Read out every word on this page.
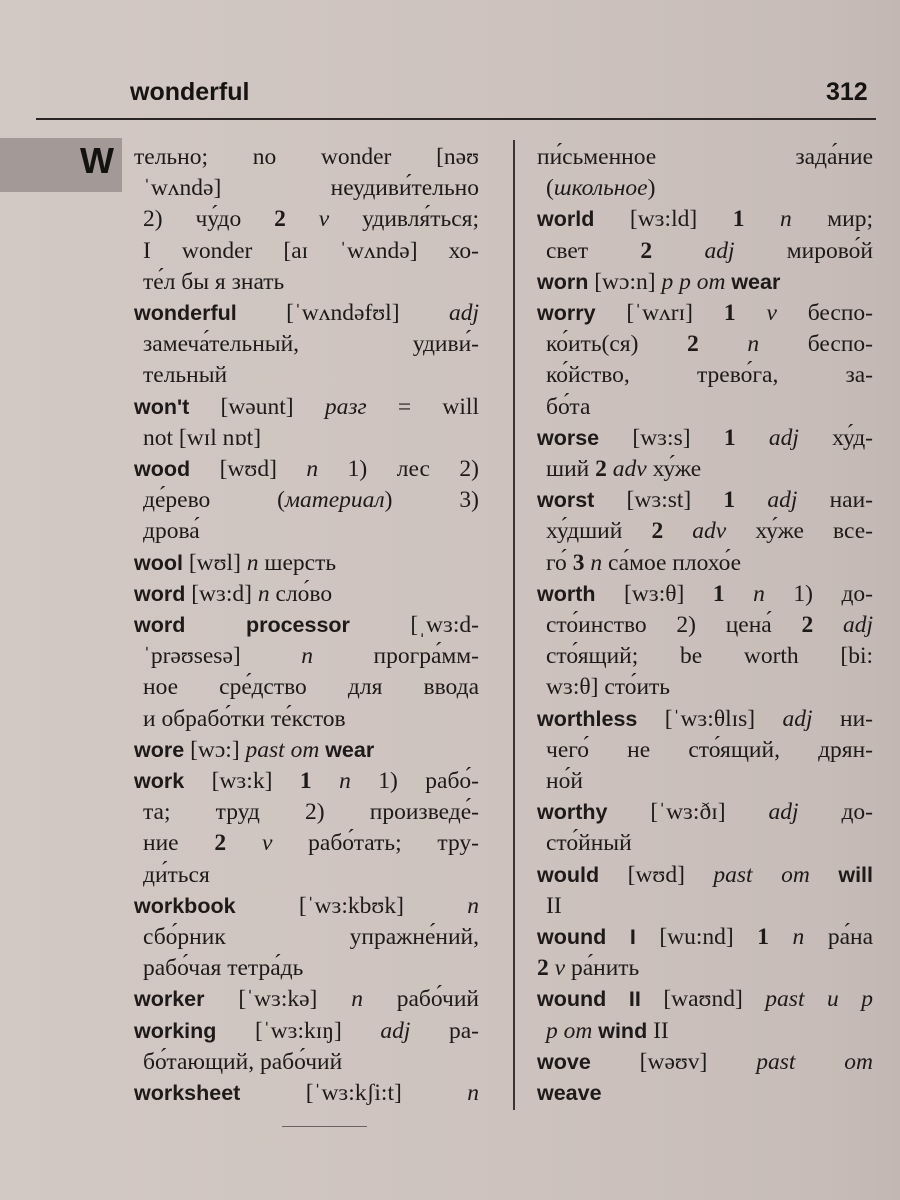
wonderful	312
W тельно; no wonder [nəʊ
ˈwʌndə] неудиви́тельно
2) чу́до 2 v удивля́ться;
I wonder [aɪ ˈwʌndə] хо-
те́л бы я знать
wonderful [ˈwʌndəfʊl] adj
замеча́тельный, удиви́-
тельный
won't [wəunt] разг = will
not [wɪl nɒt]
wood [wʊd] n 1) лес 2)
де́рево (материал) 3)
дрова́
wool [wʊl] n шерсть
word [wɜ:d] n сло́во
word processor [ˌwɜ:d-
ˈprəʊsesə] n програ́мм-
ное сре́дство для ввода
и обрабо́тки те́кстов
wore [wɔ:] past om wear
work [wɜ:k] 1 n 1) рабо́-
та; труд 2) произведе́-
ние 2 v рабо́тать; тру-
ди́ться
workbook [ˈwɜ:kbʊk] n
сбо́рник упражне́ний,
рабо́чая тетра́дь
worker [ˈwɜ:kə] n рабо́чий
working [ˈwɜ:kɪŋ] adj ра-
бо́тающий, рабо́чий
worksheet [ˈwɜ:kʃi:t] n
пи́сьменное зада́ние
(школьное)
world [wɜ:ld] 1 n мир;
свет 2 adj мирово́й
worn [wɔ:n] p p om wear
worry [ˈwʌrɪ] 1 v беспо-
ко́ить(ся) 2 n беспо-
ко́йство, трево́га, за-
бо́та
worse [wɜ:s] 1 adj ху́д-
ший 2 adv ху́же
worst [wɜ:st] 1 adj наи-
ху́дший 2 adv ху́же все-
го́ 3 n са́мое плохо́е
worth [wɜ:θ] 1 n 1) до-
сто́инство 2) цена́ 2 adj
сто́ящий; be worth [bi:
wɜ:θ] сто́ить
worthless [ˈwɜ:θlɪs] adj ни-
чего́ не сто́ящий, дрян-
но́й
worthy [ˈwɜ:ðɪ] adj до-
сто́йный
would [wʊd] past om will
II
wound I [wu:nd] 1 n ра́на
2 v ра́нить
wound II [waʊnd] past и p
p om wind II
wove [wəʊv] past om
weave
